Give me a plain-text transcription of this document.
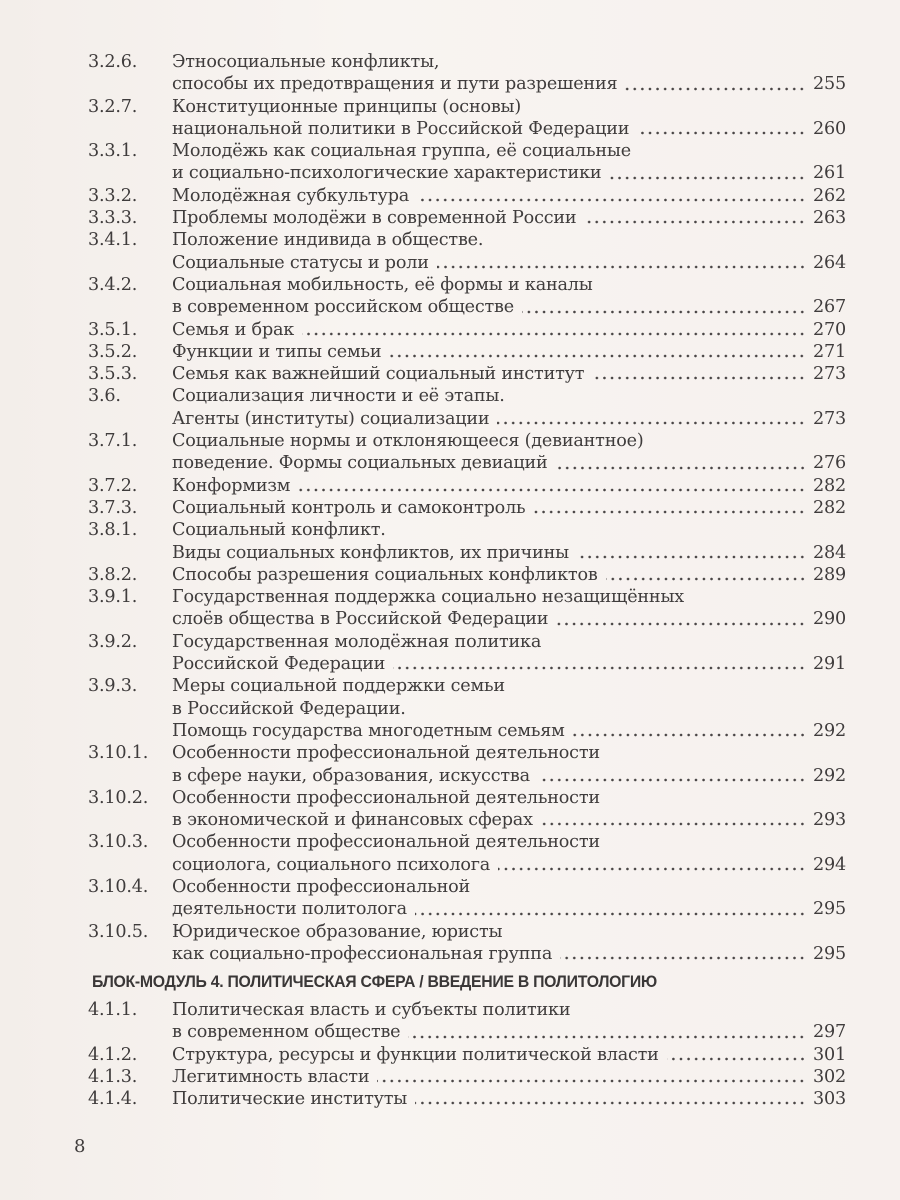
3.2.6.	Этносоциальные конфликты,
способы их предотвращения и пути разрешения	255
3.2.7.	Конституционные принципы (основы)
национальной политики в Российской Федерации	260
3.3.1.	Молодёжь как социальная группа, её социальные
и социально-психологические характеристики	261
3.3.2.	Молодёжная субкультура	262
3.3.3.	Проблемы молодёжи в современной России	263
3.4.1.	Положение индивида в обществе.
Социальные статусы и роли	264
3.4.2.	Социальная мобильность, её формы и каналы
в современном российском обществе	267
3.5.1.	Семья и брак	270
3.5.2.	Функции и типы семьи	271
3.5.3.	Семья как важнейший социальный институт	273
3.6.	Социализация личности и её этапы.
Агенты (институты) социализации	273
3.7.1.	Социальные нормы и отклоняющееся (девиантное)
поведение. Формы социальных девиаций	276
3.7.2.	Конформизм	282
3.7.3.	Социальный контроль и самоконтроль	282
3.8.1.	Социальный конфликт.
Виды социальных конфликтов, их причины	284
3.8.2.	Способы разрешения социальных конфликтов	289
3.9.1.	Государственная поддержка социально незащищённых
слоёв общества в Российской Федерации	290
3.9.2.	Государственная молодёжная политика
Российской Федерации	291
3.9.3.	Меры социальной поддержки семьи
в Российской Федерации.
Помощь государства многодетным семьям	292
3.10.1.	Особенности профессиональной деятельности
в сфере науки, образования, искусства	292
3.10.2.	Особенности профессиональной деятельности
в экономической и финансовых сферах	293
3.10.3.	Особенности профессиональной деятельности
социолога, социального психолога	294
3.10.4.	Особенности профессиональной
деятельности политолога	295
3.10.5.	Юридическое образование, юристы
как социально-профессиональная группа	295
БЛОК-МОДУЛЬ 4. ПОЛИТИЧЕСКАЯ СФЕРА / ВВЕДЕНИЕ В ПОЛИТОЛОГИЮ
4.1.1.	Политическая власть и субъекты политики
в современном обществе	297
4.1.2.	Структура, ресурсы и функции политической власти	301
4.1.3.	Легитимность власти	302
4.1.4.	Политические институты	303
8
